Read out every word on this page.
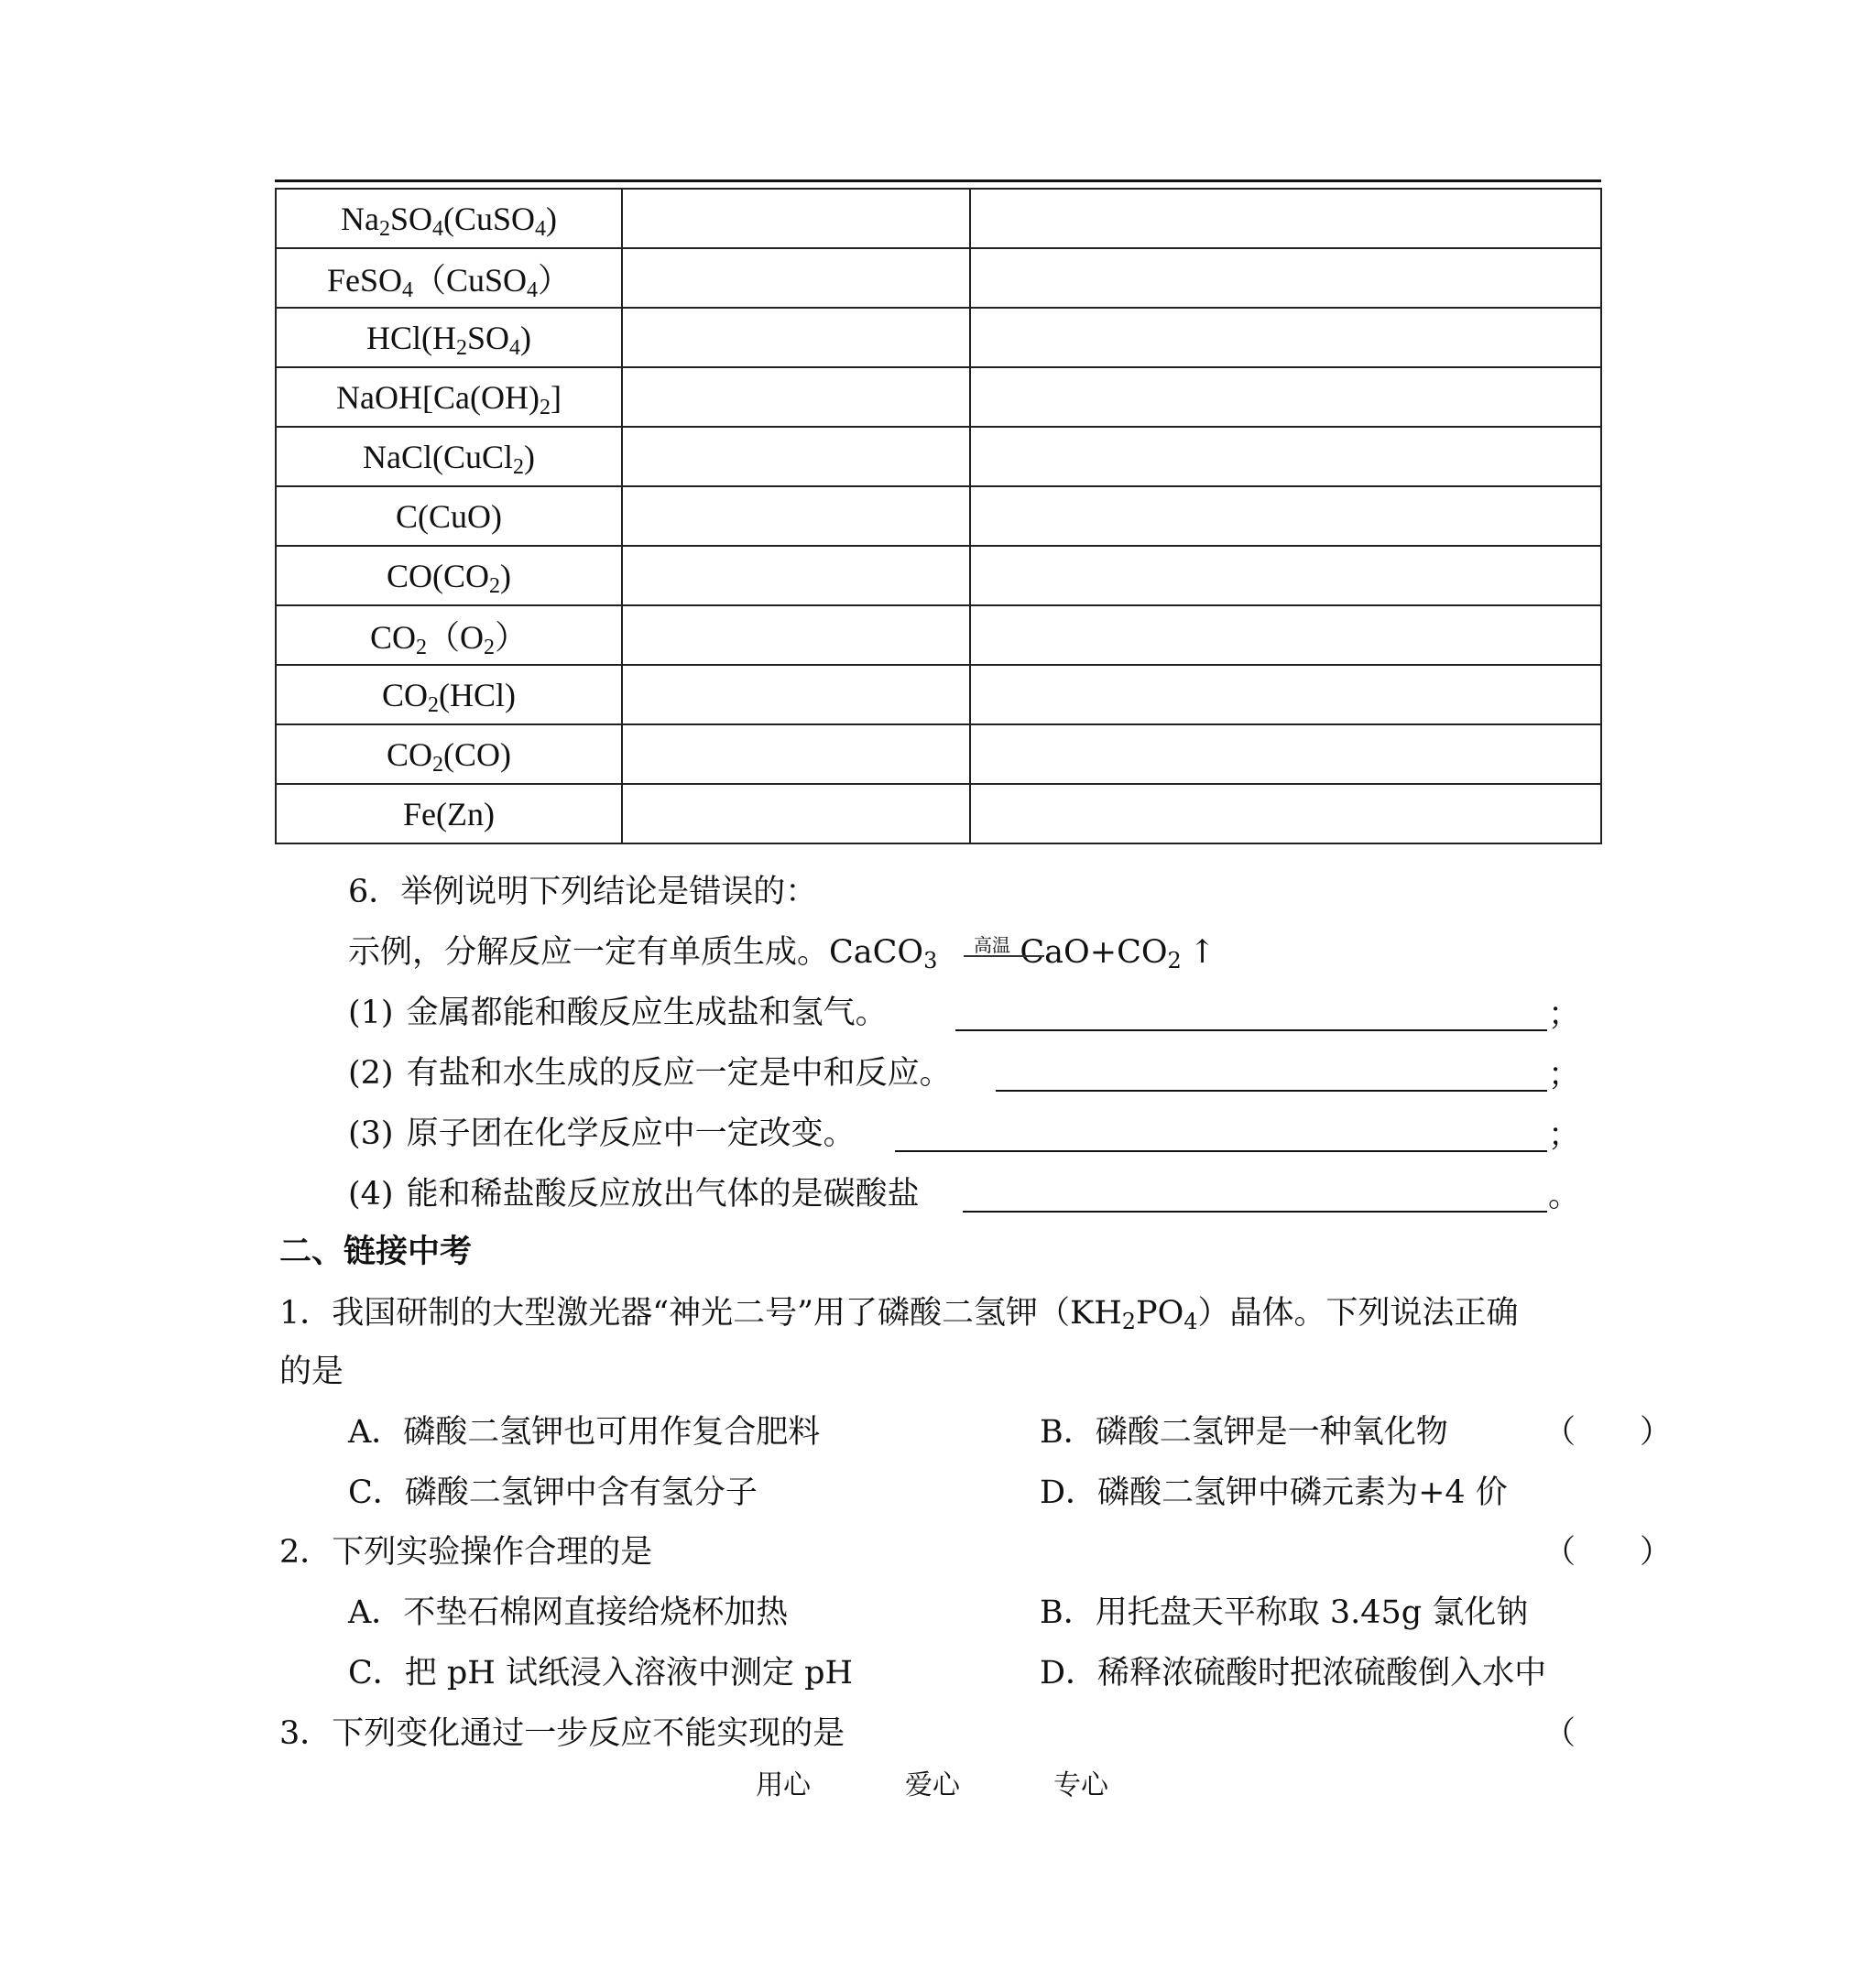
$Na_2SO_4(CuSO_4)$		
FeSO$_4$（CuSO$_4$）		
$HCl(H_2SO_4)$		
$NaOH[Ca(OH)_2]$		
NaCl(CuCl$_2$)		
C(CuO)		
$CO(CO_2)$		
$CO_2(O_2)$		
$CO_2(HCl)$		
$CO_2(CO)$		
Fe(Zn)		
6．举例说明下列结论是错误的：
示例，分解反应一定有单质生成。CaCO$_3$	$CaO+CO_2$ ↑
高温
(1) 金属都能和酸反应生成盐和氢气。	；
(2) 有盐和水生成的反应一定是中和反应。	；
(3) 原子团在化学反应中一定改变。	；
(4) 能和稀盐酸反应放出气体的是碳酸盐	。
二、链接中考
1．我国研制的大型激光器“神光二号”用了磷酸二氢钾$(KH_2PO_4)$晶体。下列说法正确
的是
A．磷酸二氢钾也可用作复合肥料	B．磷酸二氢钾是一种氧化物	（　　）
C．磷酸二氢钾中含有氢分子	D．磷酸二氢钾中磷元素为+4 价
2．下列实验操作合理的是	（　　）
A．不垫石棉网直接给烧杯加热	B．用托盘天平称取 3.45g 氯化钠
C．把 pH 试纸浸入溶液中测定 pH	D．稀释浓硫酸时把浓硫酸倒入水中
3．下列变化通过一步反应不能实现的是	（
用心	爱心	专心
